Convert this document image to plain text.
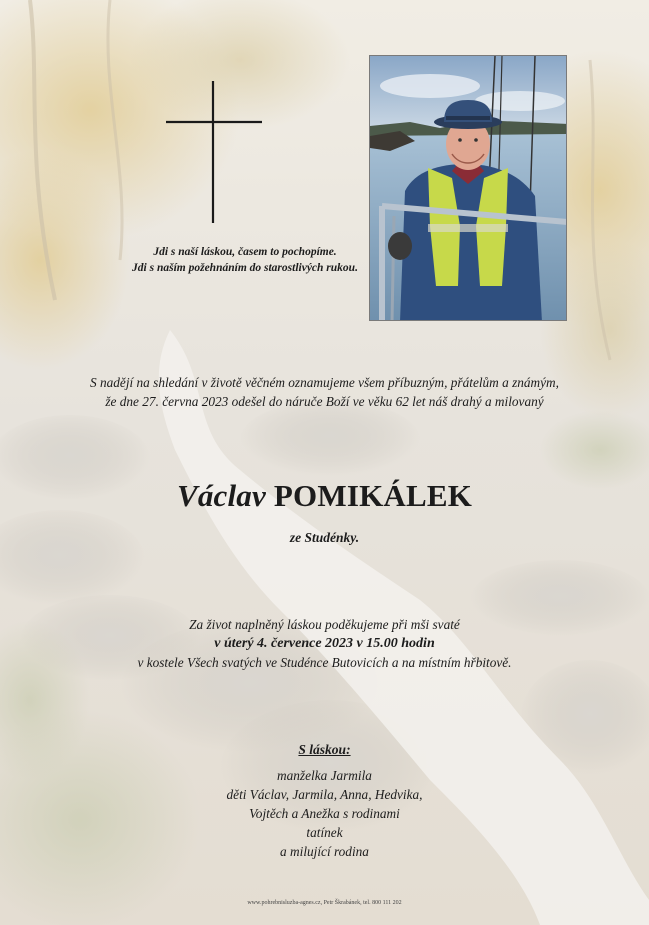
Jdi s naší láskou, časem to pochopíme.
Jdi s naším požehnáním do starostlivých rukou.
S nadějí na shledání v životě věčném oznamujeme všem příbuzným, přátelům a známým,
že dne 27. června 2023 odešel do náruče Boží ve věku 62 let náš drahý a milovaný
Václav POMIKÁLEK
ze Studénky.
Za život naplněný láskou poděkujeme při mši svaté
v úterý 4. července 2023 v 15.00 hodin
v kostele Všech svatých ve Studénce Butovicích a na místním hřbitově.
S láskou:
manželka Jarmila
děti Václav, Jarmila, Anna, Hedvika,
Vojtěch a Anežka s rodinami
tatínek
a milující rodina
www.pohrebnisluzba-agnes.cz, Petr Škrabánek, tel. 800 111 202
